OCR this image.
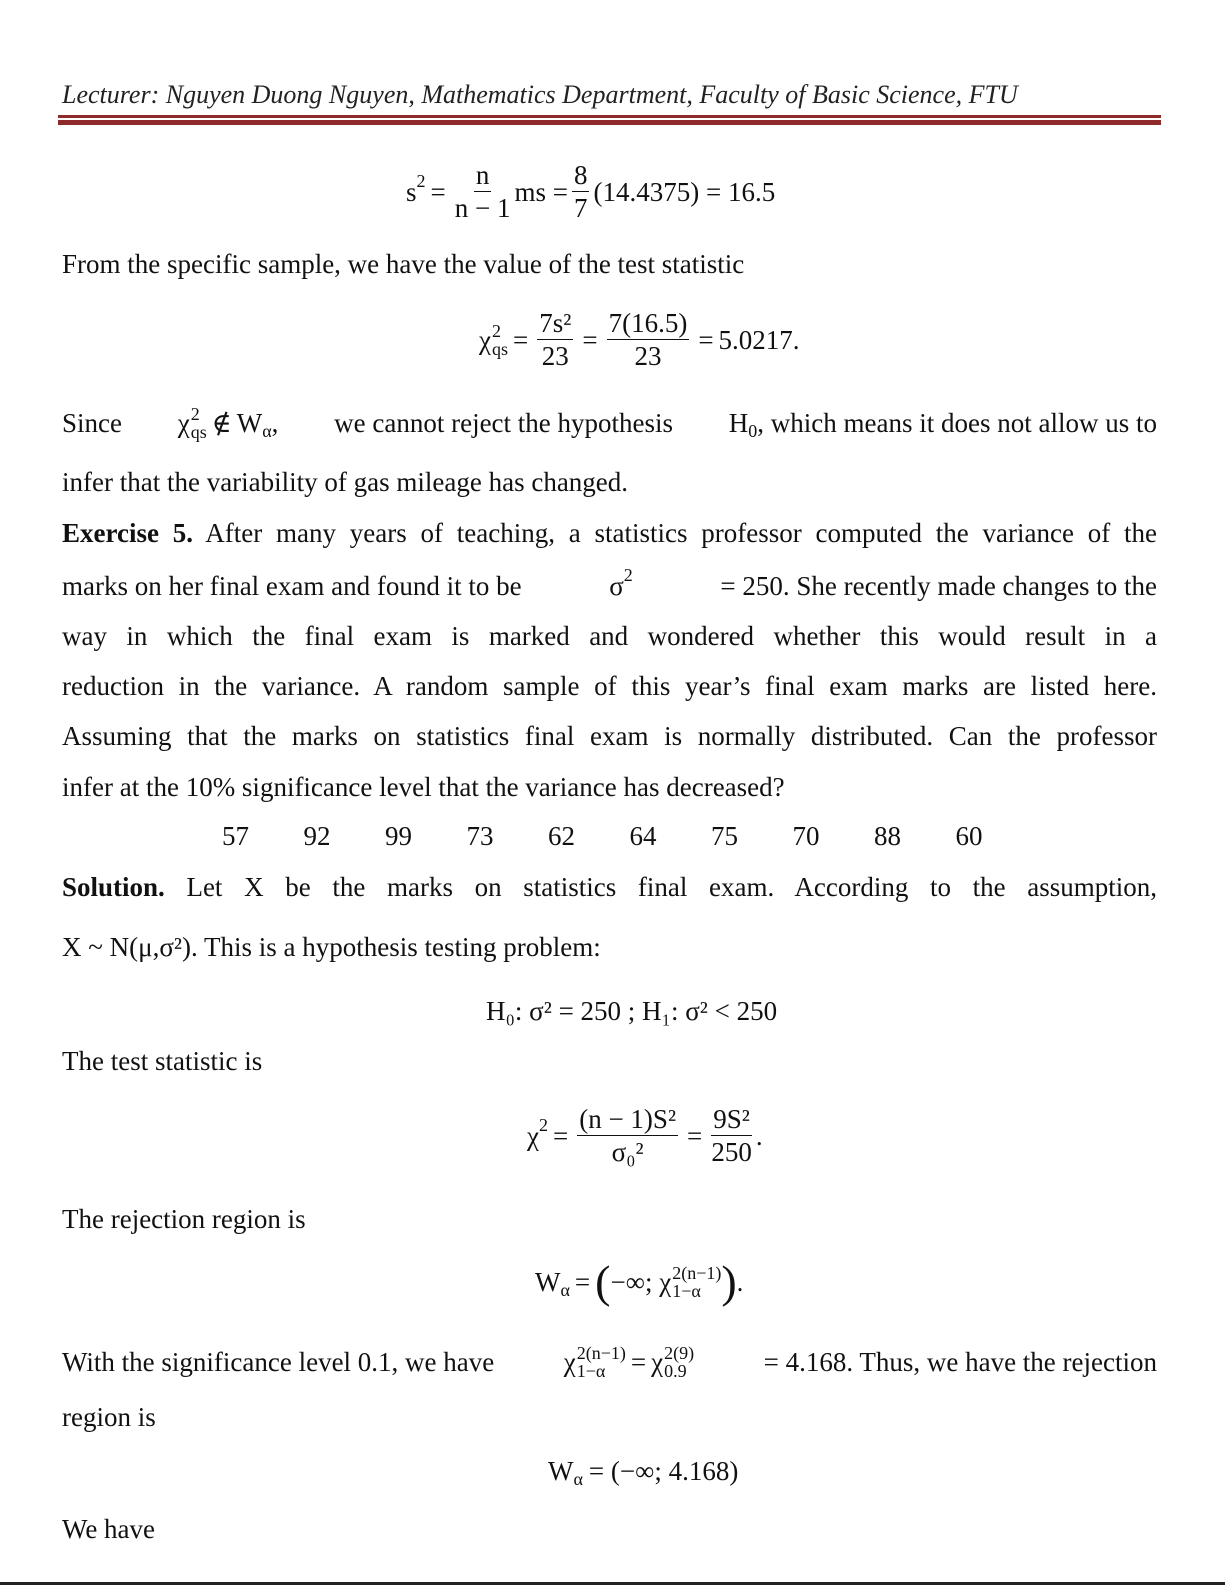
Lecturer: Nguyen Duong Nguyen, Mathematics Department, Faculty of Basic Science, FTU
s $2 = \frac{n}{n - 1}$ ms = $\frac{8}{7} (14.4375) = 16.5$
From the specific sample, we have the value of the test statistic
χ 2
qs = $\frac{\text{7s²}}{23} = \frac{7(16.5)}{23} = 5.0217$.
Since χ 2
qs ∉ W α , we cannot reject the hypothesis H 0 , which means it does not allow us to
infer that the variability of gas mileage has changed.
Exercise 5. After many years of teaching, a statistics professor computed the variance of the
marks on her final exam and found it to be	σ 2	= 250. She recently made changes to the
way in which the final exam is marked and wondered whether this would result in a
reduction in the variance. A random sample of this year’s final exam marks are listed here.
Assuming that the marks on statistics final exam is normally distributed. Can the professor
infer at the 10% significance level that the variance has decreased?
57	92	99	73	62	64	75	70	88	60
Solution. Let X be the marks on statistics final exam. According to the assumption,
X ~ N(μ,σ²). This is a hypothesis testing problem:
H₀: σ² = 250 ; H₁: σ² < 250
The test statistic is
χ $2 = \frac{\text{(n − 1)S²}}{\text{σ₀²}} = \frac{\text{9S²}}{250}$ .
The rejection region is
W α = ( −∞; χ 2(n−1)
1−α ) .
With the significance level 0.1, we have	χ 2(n−1)
1−α = χ 2(9)
0.9	= 4.168. Thus, we have the rejection
region is
W α = (−∞; 4.168)
We have
